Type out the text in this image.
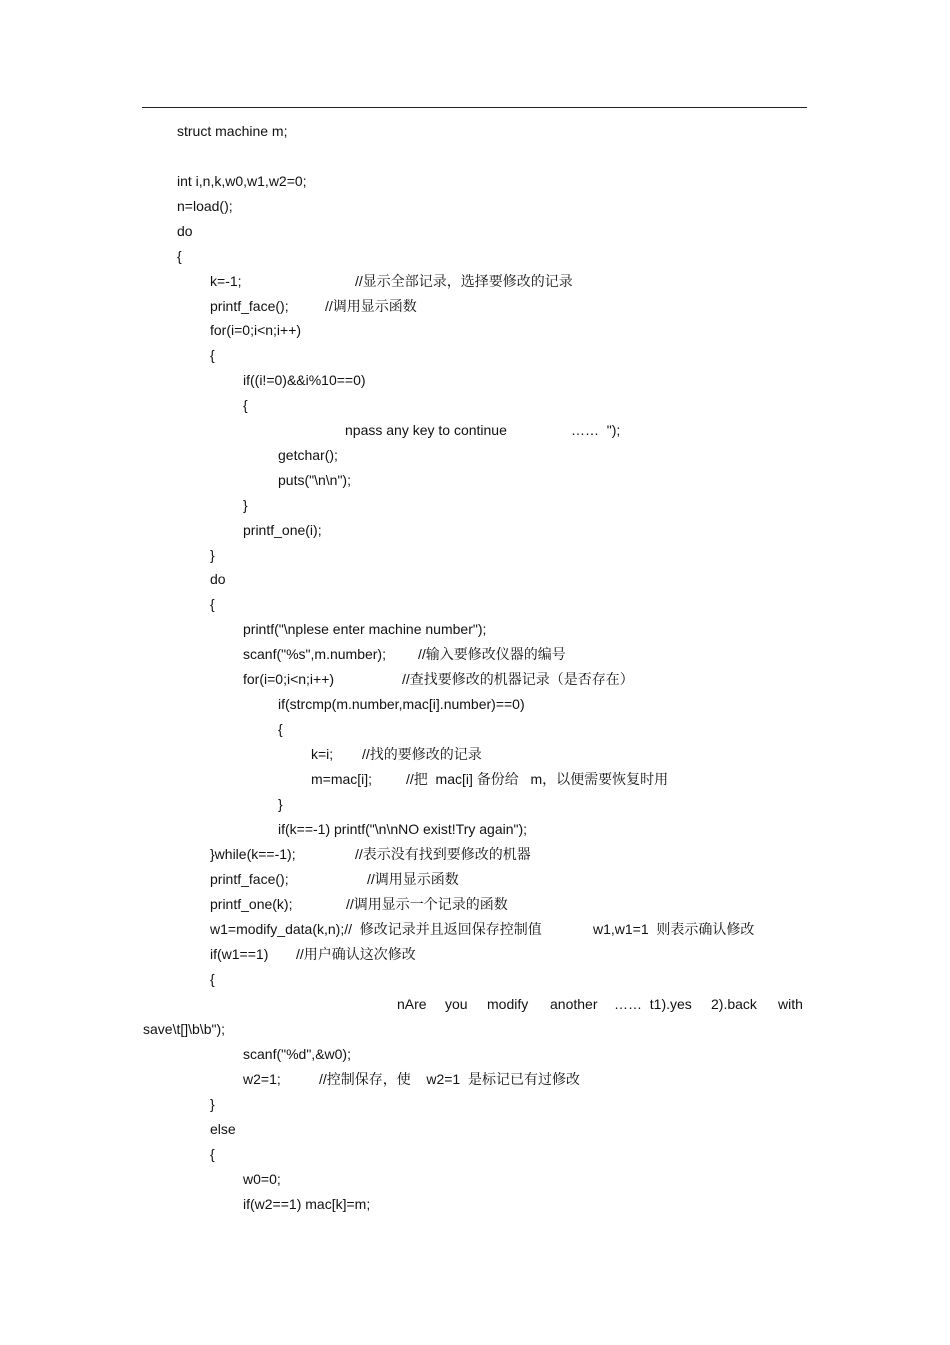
struct machine m;
int i,n,k,w0,w1,w2=0;
n=load();
do
{
k=-1;	//显示全部记录，选择要修改的记录
printf_face();	//调用显示函数
for(i=0;i<n;i++)
{
if((i!=0)&&i%10==0)
{
npass any key to continue	……  ");
getchar();
puts("\n\n");
}
printf_one(i);
}
do
{
printf("\nplese enter machine number");
scanf("%s",m.number); //输入要修改仪器的编号
for(i=0;i<n;i++)	//查找要修改的机器记录（是否存在）
if(strcmp(m.number,mac[i].number)==0)
{
k=i; //找的要修改的记录
m=mac[i]; //把  mac[i] 备份给   m，以便需要恢复时用
}
if(k==-1) printf("\n\nNO exist!Try again");
}while(k==-1);	//表示没有找到要修改的机器
printf_face();	//调用显示函数
printf_one(k);	//调用显示一个记录的函数
w1=modify_data(k,n);//  修改记录并且返回保存控制值	w1,w1=1  则表示确认修改
if(w1==1) //用户确认这次修改
{
nAre you modify another ……  t1).yes 2).back with
save\t[]\b\b");
scanf("%d",&w0);
w2=1;	//控制保存，使    w2=1  是标记已有过修改
}
else
{
w0=0;
if(w2==1) mac[k]=m;
